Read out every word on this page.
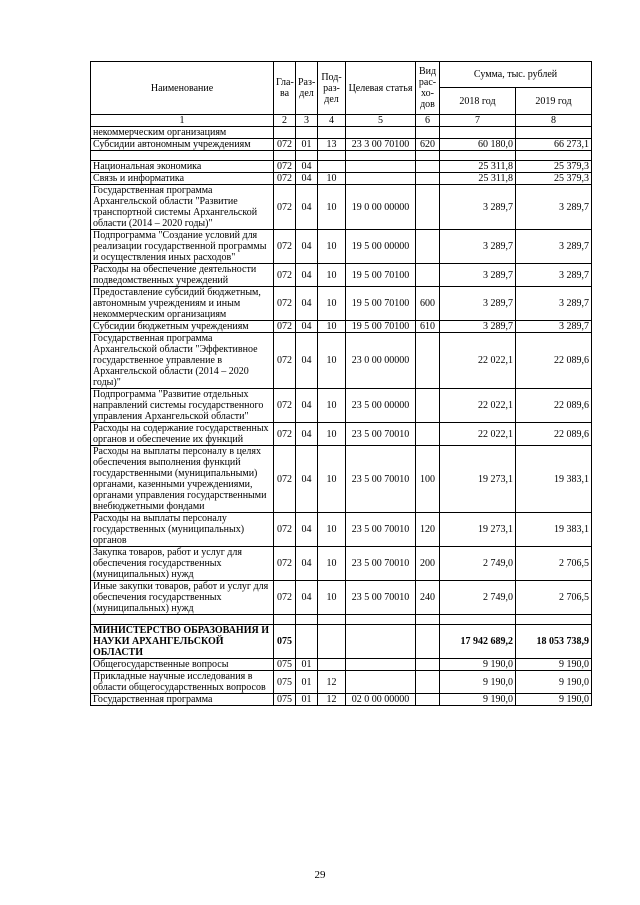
Наименование	Гла-ва	Раз-дел	Под-раз-дел	Целевая статья	Вид рас-хо-дов	Сумма, тыс. рублей	
						2018 год	2019 год
1	2	3	4	5	6	7	8
некоммерческим организациям							
Субсидии автономным учреждениям	072	01	13	23 3 00 70100	620	60 180,0	66 273,1

Национальная экономика	072	04				25 311,8	25 379,3
Связь и информатика	072	04	10			25 311,8	25 379,3
Государственная программа Архангельской области "Развитие транспортной системы Архангельской области (2014 – 2020 годы)"	072	04	10	19 0 00 00000		3 289,7	3 289,7
Подпрограмма "Создание условий для реализации государственной программы и осуществления иных расходов"	072	04	10	19 5 00 00000		3 289,7	3 289,7
Расходы на обеспечение деятельности подведомственных учреждений	072	04	10	19 5 00 70100		3 289,7	3 289,7
Предоставление субсидий бюджетным, автономным учреждениям и иным некоммерческим организациям	072	04	10	19 5 00 70100	600	3 289,7	3 289,7
Субсидии бюджетным учреждениям	072	04	10	19 5 00 70100	610	3 289,7	3 289,7
Государственная программа Архангельской области "Эффективное государственное управление в Архангельской области (2014 – 2020 годы)"	072	04	10	23 0 00 00000		22 022,1	22 089,6
Подпрограмма "Развитие отдельных направлений системы государственного управления Архангельской области"	072	04	10	23 5 00 00000		22 022,1	22 089,6
Расходы на содержание государственных органов и обеспечение их функций	072	04	10	23 5 00 70010		22 022,1	22 089,6
Расходы на выплаты персоналу в целях обеспечения выполнения функций государственными (муниципальными) органами, казенными учреждениями, органами управления государственными внебюджетными фондами	072	04	10	23 5 00 70010	100	19 273,1	19 383,1
Расходы на выплаты персоналу государственных (муниципальных) органов	072	04	10	23 5 00 70010	120	19 273,1	19 383,1
Закупка товаров, работ и услуг для обеспечения государственных (муниципальных) нужд	072	04	10	23 5 00 70010	200	2 749,0	2 706,5
Иные закупки товаров, работ и услуг для обеспечения государственных (муниципальных) нужд	072	04	10	23 5 00 70010	240	2 749,0	2 706,5

МИНИСТЕРСТВО ОБРАЗОВАНИЯ И НАУКИ АРХАНГЕЛЬСКОЙ ОБЛАСТИ	075					17 942 689,2	18 053 738,9
Общегосударственные вопросы	075	01				9 190,0	9 190,0
Прикладные научные исследования в области общегосударственных вопросов	075	01	12			9 190,0	9 190,0
Государственная программа	075	01	12	02 0 00 00000		9 190,0	9 190,0
29
